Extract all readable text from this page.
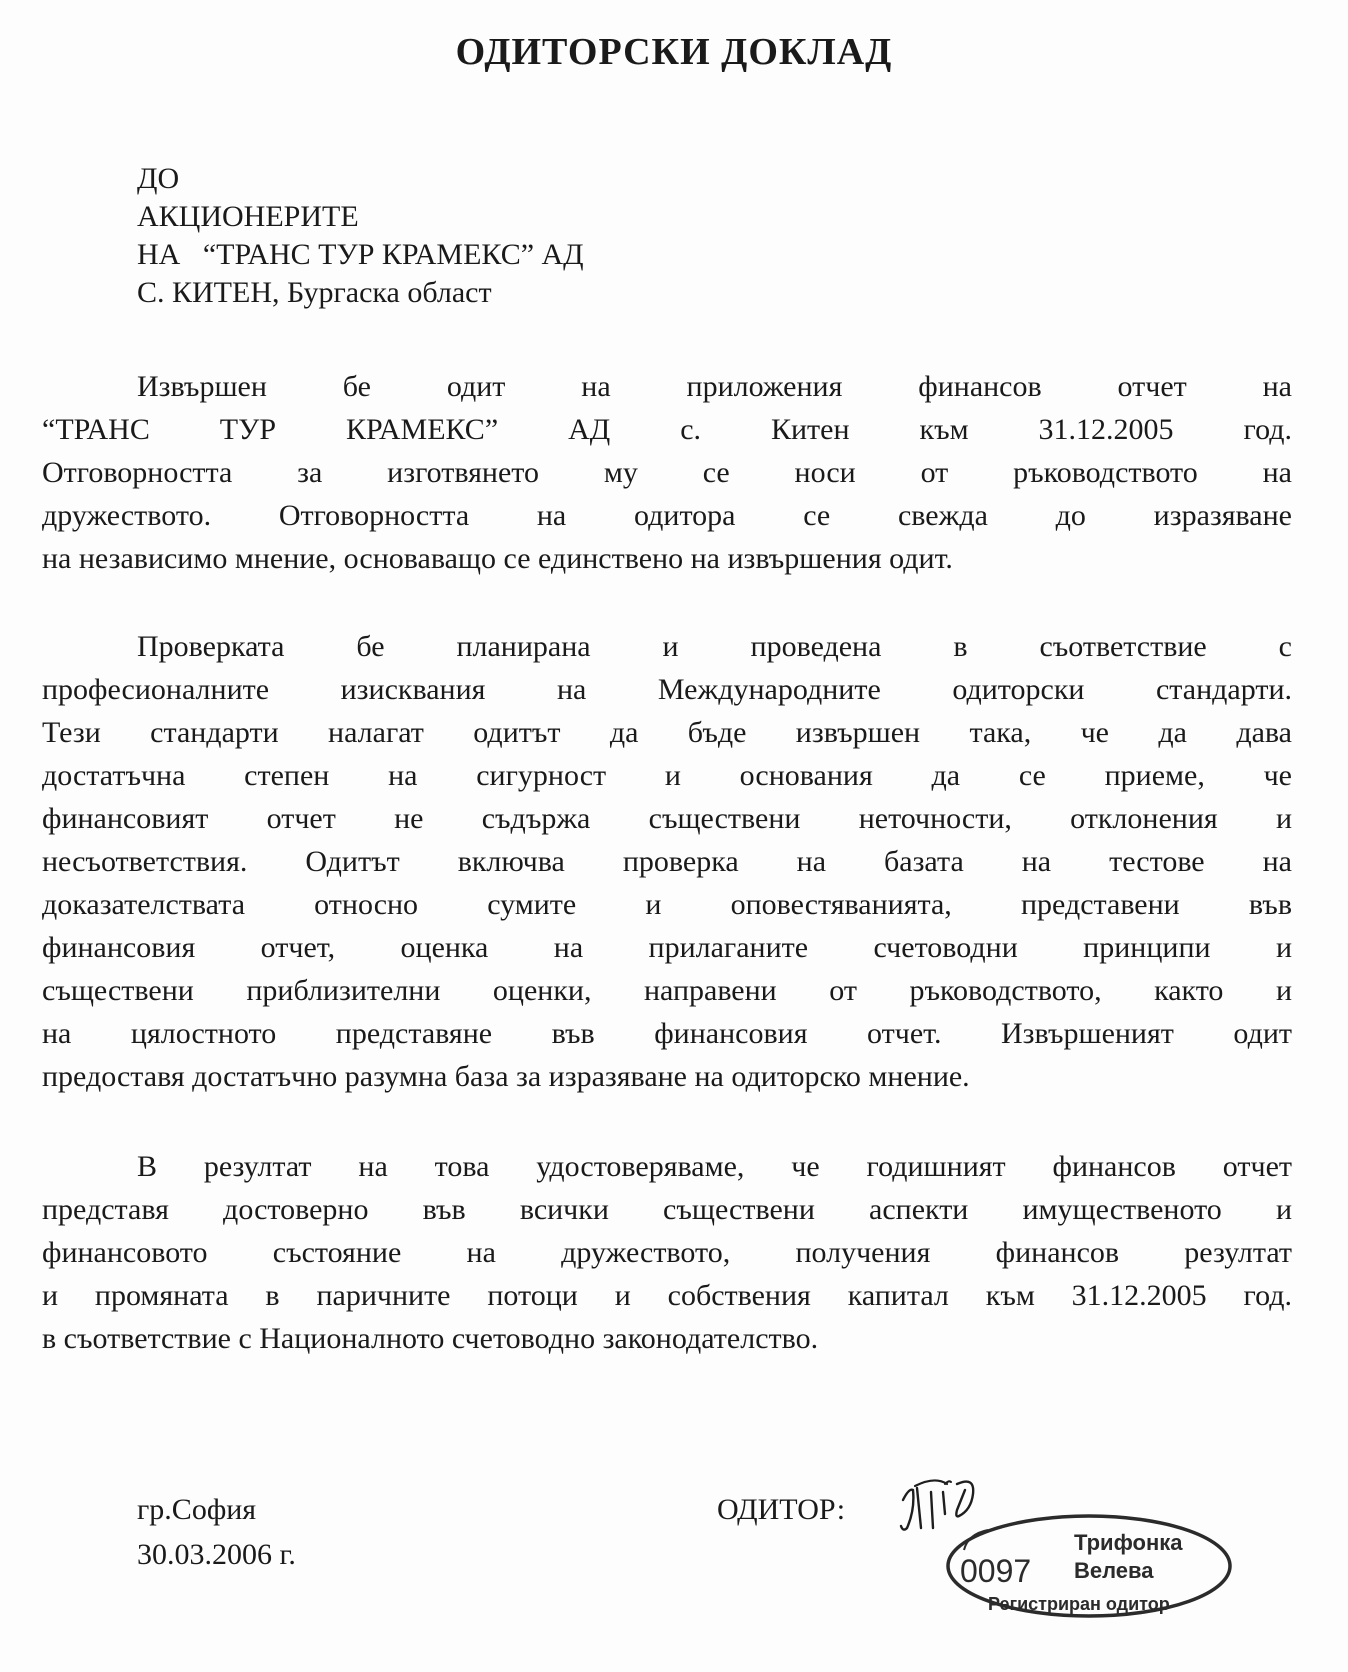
ОДИТОРСКИ ДОКЛАД
ДО
АКЦИОНЕРИТЕ
НА   “ТРАНС ТУР КРАМЕКС” АД
С. КИТЕН, Бургаска област
Извършен бе одит на приложения финансов отчет на
“ТРАНС ТУР КРАМЕКС” АД с. Китен към 31.12.2005 год.
Отговорността за изготвянето му се носи от ръководството на
дружеството. Отговорността на одитора се свежда до изразяване
на независимо мнение, основаващо се единствено на извършения одит.
Проверката бе планирана и проведена в съответствие с
професионалните изисквания на Международните одиторски стандарти.
Тези стандарти налагат одитът да бъде извършен така, че да дава
достатъчна степен на сигурност и основания да се приеме, че
финансовият отчет не съдържа съществени неточности, отклонения и
несъответствия. Одитът включва проверка на базата на тестове на
доказателствата относно сумите и оповестяванията, представени във
финансовия отчет, оценка на прилаганите счетоводни принципи и
съществени приблизителни оценки, направени от ръководството, както и
на цялостното представяне във финансовия отчет. Извършеният одит
предоставя достатъчно разумна база за изразяване на одиторско мнение.
В резултат на това удостоверяваме, че годишният финансов отчет
представя достоверно във всички съществени аспекти имущественото и
финансовото състояние на дружеството, получения финансов резултат
и промяната в паричните потоци и собствения капитал към 31.12.2005 год.
в съответствие с Националното счетоводно законодателство.
гр.София
30.03.2006 г.
ОДИТОР:
0097
Трифонка
Велева
Регистриран одитор
